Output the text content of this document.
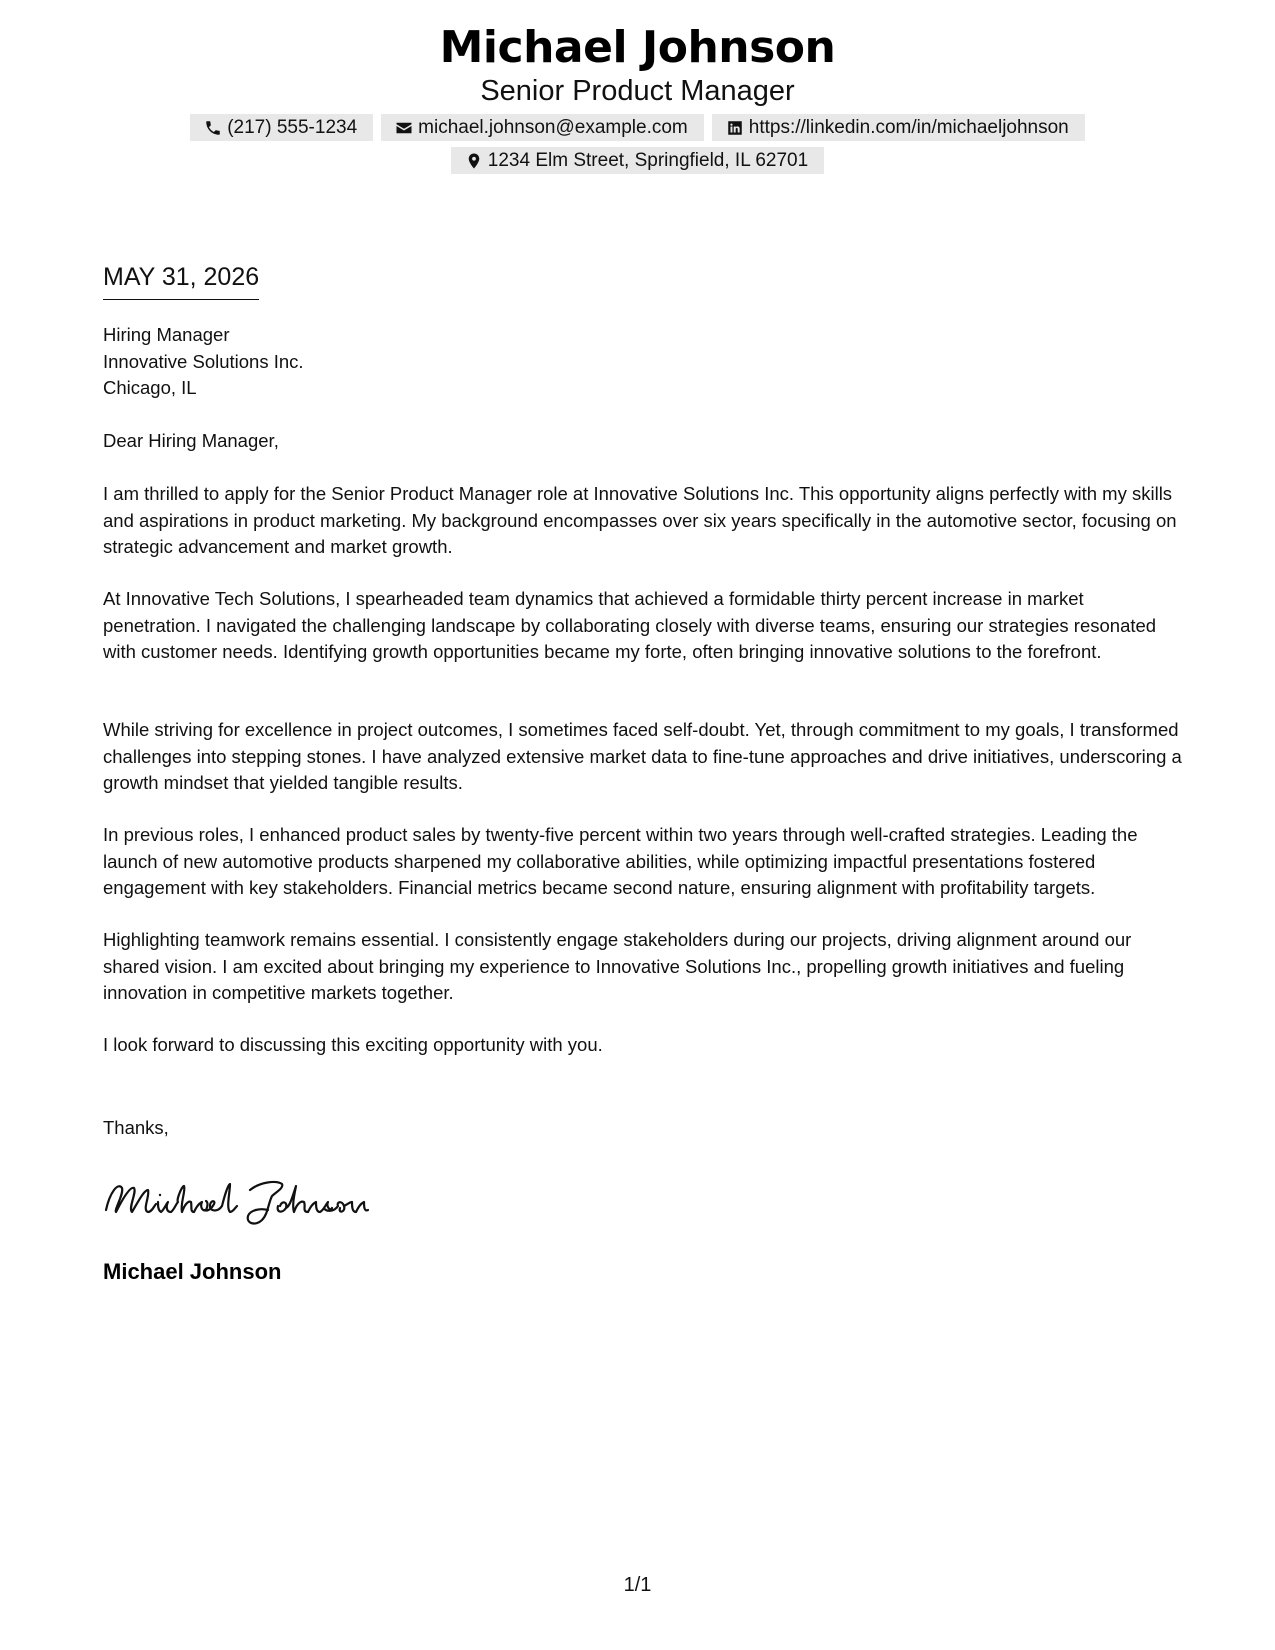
Michael Johnson
Senior Product Manager
(217) 555-1234	michael.johnson@example.com	https://linkedin.com/in/michaeljohnson
1234 Elm Street, Springfield, IL 62701
MAY 31, 2026
Hiring Manager
Innovative Solutions Inc.
Chicago, IL
Dear Hiring Manager,

I am thrilled to apply for the Senior Product Manager role at Innovative Solutions Inc. This opportunity aligns perfectly with my skills and aspirations in product marketing. My background encompasses over six years specifically in the automotive sector, focusing on strategic advancement and market growth.

At Innovative Tech Solutions, I spearheaded team dynamics that achieved a formidable thirty percent increase in market penetration. I navigated the challenging landscape by collaborating closely with diverse teams, ensuring our strategies resonated with customer needs. Identifying growth opportunities became my forte, often bringing innovative solutions to the forefront.

While striving for excellence in project outcomes, I sometimes faced self-doubt. Yet, through commitment to my goals, I transformed challenges into stepping stones. I have analyzed extensive market data to fine-tune approaches and drive initiatives, underscoring a growth mindset that yielded tangible results.

In previous roles, I enhanced product sales by twenty-five percent within two years through well-crafted strategies. Leading the launch of new automotive products sharpened my collaborative abilities, while optimizing impactful presentations fostered engagement with key stakeholders. Financial metrics became second nature, ensuring alignment with profitability targets.

Highlighting teamwork remains essential. I consistently engage stakeholders during our projects, driving alignment around our shared vision. I am excited about bringing my experience to Innovative Solutions Inc., propelling growth initiatives and fueling innovation in competitive markets together.

I look forward to discussing this exciting opportunity with you.

Thanks,
Michael Johnson
1/1
